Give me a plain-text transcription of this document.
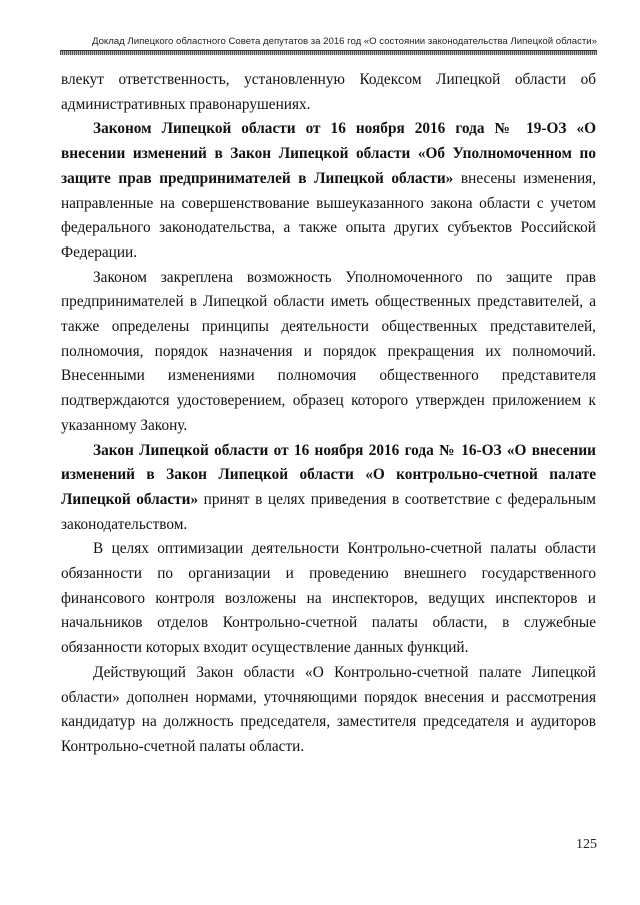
Доклад Липецкого областного Совета депутатов за 2016 год «О состоянии законодательства Липецкой области»

влекут ответственность, установленную Кодексом Липецкой области об административных правонарушениях.

Законом Липецкой области от 16 ноября 2016 года № 19-ОЗ «О внесении изменений в Закон Липецкой области «Об Уполномоченном по защите прав предпринимателей в Липецкой области» внесены изменения, направленные на совершенствование вышеуказанного закона области с учетом федерального законодательства, а также опыта других субъектов Российской Федерации.

Законом закреплена возможность Уполномоченного по защите прав предпринимателей в Липецкой области иметь общественных представителей, а также определены принципы деятельности общественных представителей, полномочия, порядок назначения и порядок прекращения их полномочий. Внесенными изменениями полномочия общественного представителя подтверждаются удостоверением, образец которого утвержден приложением к указанному Закону.

Закон Липецкой области от 16 ноября 2016 года № 16-ОЗ «О внесении изменений в Закон Липецкой области «О контрольно-счетной палате Липецкой области» принят в целях приведения в соответствие с федеральным законодательством.

В целях оптимизации деятельности Контрольно-счетной палаты области обязанности по организации и проведению внешнего государственного финансового контроля возложены на инспекторов, ведущих инспекторов и начальников отделов Контрольно-счетной палаты области, в служебные обязанности которых входит осуществление данных функций.

Действующий Закон области «О Контрольно-счетной палате Липецкой области» дополнен нормами, уточняющими порядок внесения и рассмотрения кандидатур на должность председателя, заместителя председателя и аудиторов Контрольно-счетной палаты области.

125
